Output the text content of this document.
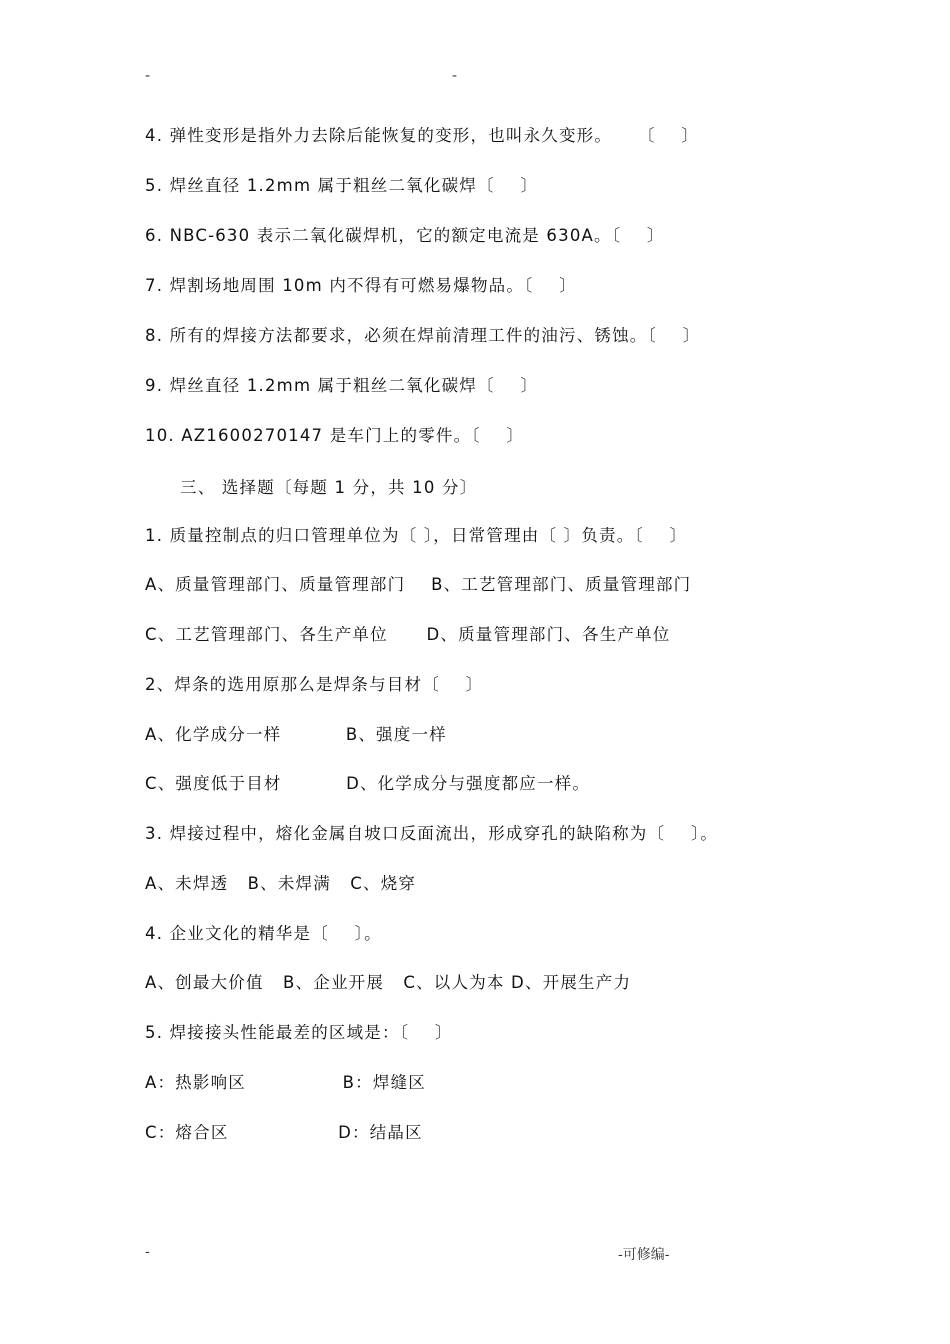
-	-
4. 弹性变形是指外力去除后能恢复的变形，也叫永久变形。    〔    〕
5. 焊丝直径 1.2mm 属于粗丝二氧化碳焊〔    〕
6. NBC-630 表示二氧化碳焊机，它的额定电流是 630A。〔    〕
7. 焊割场地周围 10m 内不得有可燃易爆物品。〔    〕
8. 所有的焊接方法都要求，必须在焊前清理工件的油污、锈蚀。〔    〕
9. 焊丝直径 1.2mm 属于粗丝二氧化碳焊〔    〕
10. AZ1600270147 是车门上的零件。〔    〕
三、 选择题〔每题 1 分，共 10 分〕
1. 质量控制点的归口管理单位为〔 〕，日常管理由〔 〕负责。〔    〕
A、质量管理部门、质量管理部门    B、工艺管理部门、质量管理部门
C、工艺管理部门、各生产单位      D、质量管理部门、各生产单位
2、焊条的选用原那么是焊条与目材〔    〕
A、化学成分一样          B、强度一样
C、强度低于目材          D、化学成分与强度都应一样。
3. 焊接过程中，熔化金属自坡口反面流出，形成穿孔的缺陷称为〔    〕。
A、未焊透   B、未焊满   C、烧穿
4. 企业文化的精华是〔    〕。
A、创最大价值   B、企业开展   C、以人为本 D、开展生产力
5. 焊接接头性能最差的区域是：〔    〕
A：热影响区               B：焊缝区
C：熔合区                 D：结晶区
-	-可修编-
